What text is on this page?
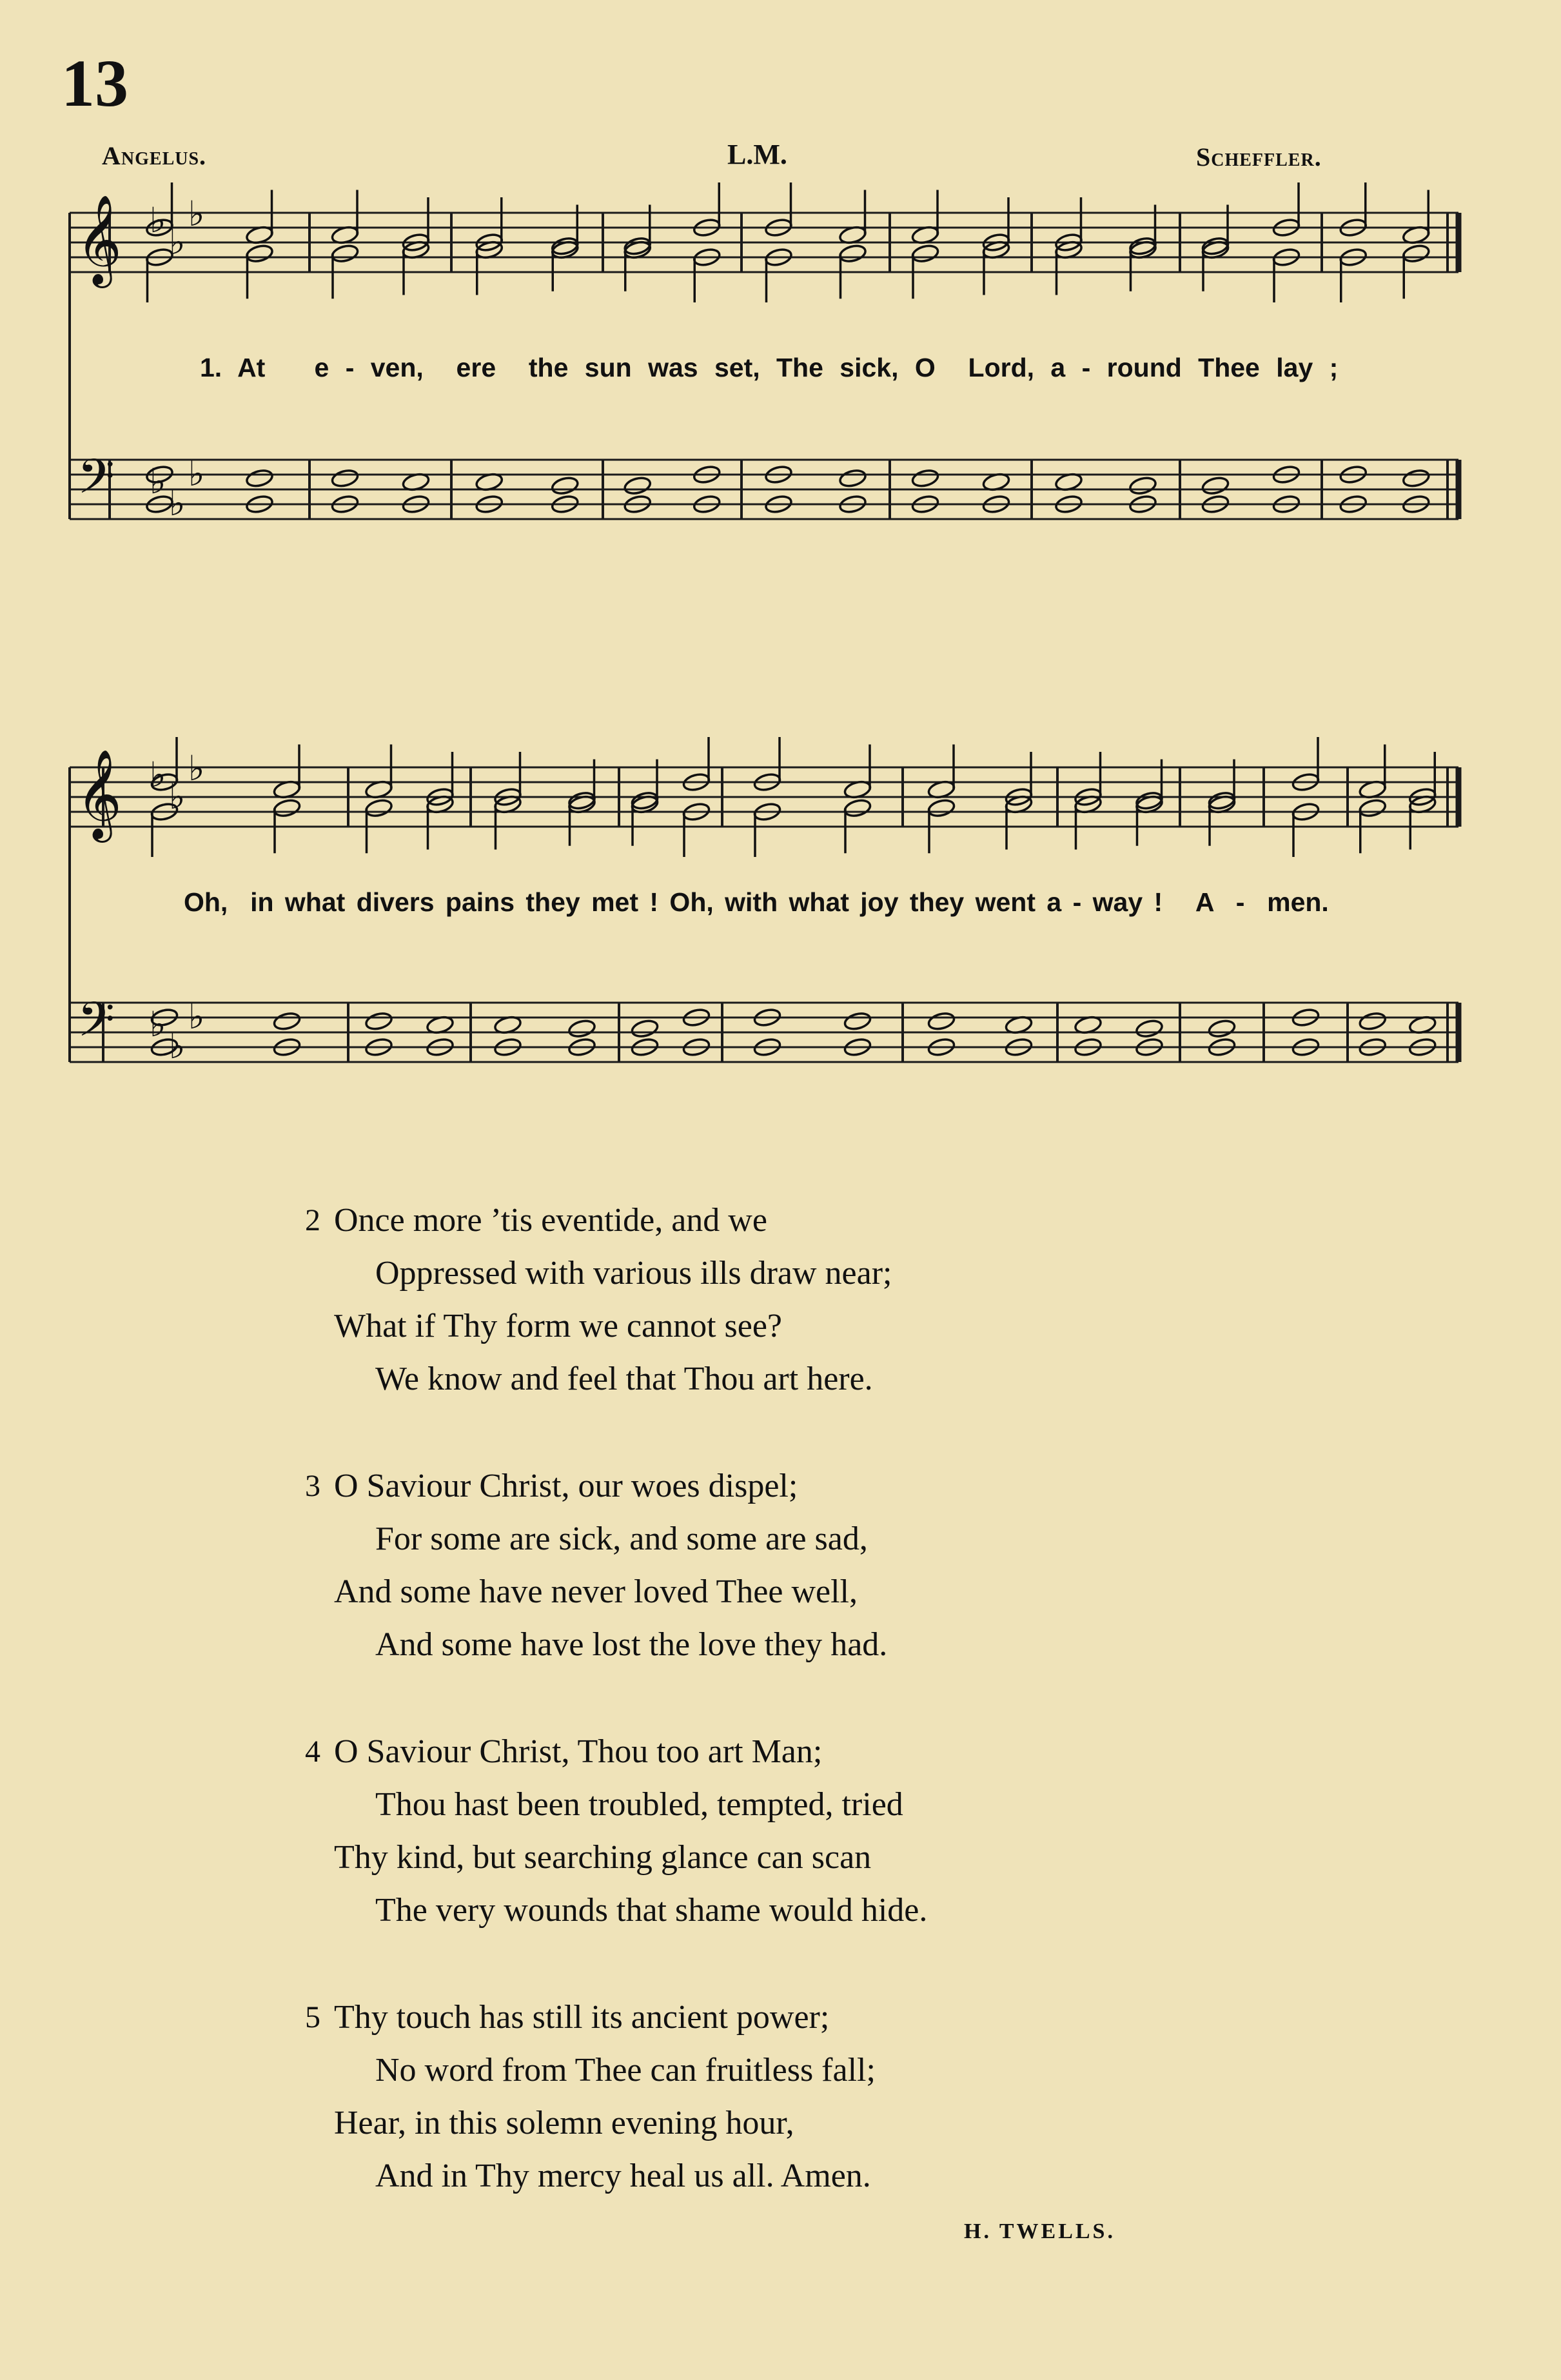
13
Angelus.	L.M.	Scheffler.
𝄞
𝄢
♭
♭
♭
♭
♭
♭
𝄞
𝄢
♭
♭
♭
♭
♭
♭
1. At   e - ven,  ere  the sun was set, The sick, O  Lord, a - round Thee lay ;
Oh,  in what divers pains they met ! Oh, with what joy they went a - way !   A  -  men.
2 Once more ’tis eventide, and we
Oppressed with various ills draw near;
What if Thy form we cannot see?
We know and feel that Thou art here.
3 O Saviour Christ, our woes dispel;
For some are sick, and some are sad,
And some have never loved Thee well,
And some have lost the love they had.
4 O Saviour Christ, Thou too art Man;
Thou hast been troubled, tempted, tried
Thy kind, but searching glance can scan
The very wounds that shame would hide.
5 Thy touch has still its ancient power;
No word from Thee can fruitless fall;
Hear, in this solemn evening hour,
And in Thy mercy heal us all. Amen.
H. TWELLS.
